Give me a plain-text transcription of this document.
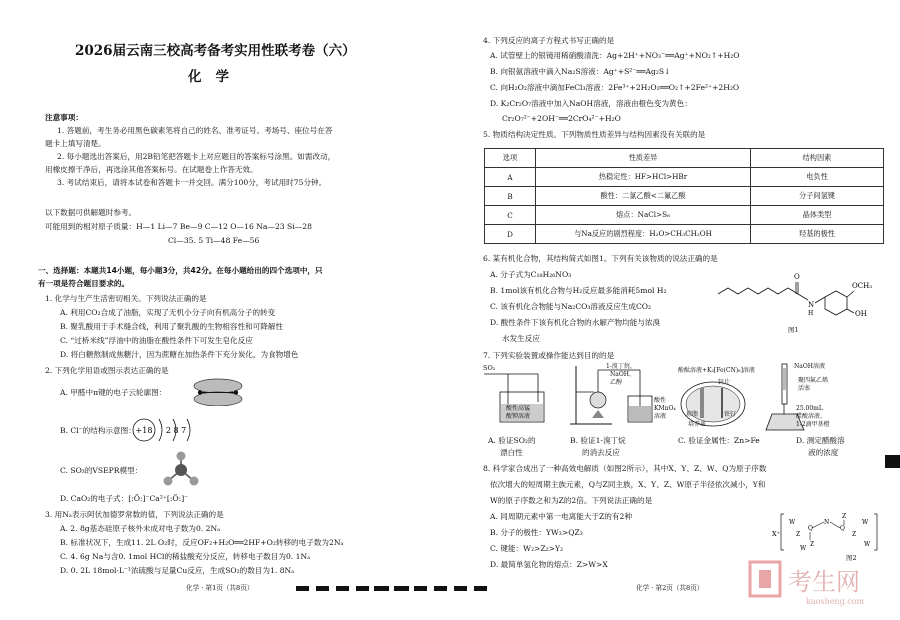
2026届云南三校高考备考实用性联考卷（六）
化学
注意事项：
1. 答题前，考生务必用黑色碳素笔将自己的姓名、准考证号、考场号、座位号在答
题卡上填写清楚。
2. 每小题选出答案后，用2B铅笔把答题卡上对应题目的答案标号涂黑。如需改动，
用橡皮擦干净后，再选涂其他答案标号。在试题卷上作答无效。
3. 考试结束后，请将本试卷和答题卡一并交回。满分100分，考试用时75分钟。
以下数据可供解题时参考。
可能用到的相对原子质量：H—1 Li—7 Be—9 C—12 O—16 Na—23 Si—28
Cl—35. 5 Ti—48 Fe—56
一、选择题：本题共14小题，每小题3分，共42分。在每小题给出的四个选项中，只
有一项是符合题目要求的。
1. 化学与生产生活密切相关。下列说法正确的是
A. 利用CO₂合成了油脂，实现了无机小分子向有机高分子的转变
B. 聚乳酸用于手术缝合线，利用了聚乳酸的生物相容性和可降解性
C. “过桥米线”浮油中的油脂在酸性条件下可发生皂化反应
D. 将白糖熬制成焦糖汁，因为蔗糖在加热条件下充分炭化，为食物增色
2. 下列化学用语或图示表达正确的是
A. 甲醛中π键的电子云轮廓图：
B. Cl⁻的结构示意图： +18 2 8 7
C. SO₃的VSEPR模型：
D. CaO₂的电子式：[:Ö:]⁻Ca²⁺[:Ö:]⁻
3. 用Nₐ表示阿伏加德罗常数的值，下列说法正确的是
A. 2. 8g基态硅原子核外未成对电子数为0. 2Nₐ
B. 标准状况下，生成11. 2L O₂时，反应OF₂+H₂O══2HF+O₂转移的电子数为2Nₐ
C. 4. 6g Na与含0. 1mol HCl的稀盐酸充分反应，转移电子数目为0. 1Nₐ
D. 0. 2L 18mol·L⁻¹浓硫酸与足量Cu反应，生成SO₂的数目为1. 8Nₐ
化学 · 第1页（共8页）
4. 下列反应的离子方程式书写正确的是
A. 试管壁上的银镜用稀硝酸清洗：Ag+2H⁺+NO₃⁻══Ag⁺+NO₂↑+H₂O
B. 向银氨溶液中滴入Na₂S溶液：Ag⁺+S²⁻══Ag₂S↓
C. 向H₂O₂溶液中滴加FeCl₃溶液：2Fe³⁺+2H₂O₂══O₂↑+2Fe²⁺+2H₂O
D. K₂Cr₂O₇溶液中加入NaOH溶液，溶液由橙色变为黄色：
Cr₂O₇²⁻+2OH⁻══2CrO₄²⁻+H₂O
5. 物质结构决定性质。下列物质性质差异与结构因素没有关联的是
选项	性质差异	结构因素
A	热稳定性：HF>HCl>HBr	电负性
B	酸性：二氯乙酸<二氟乙酸	分子间氢键
C	熔点：NaCl>S₈	晶体类型
D	与Na反应的剧烈程度：H₂O>CH₃CH₂OH	羟基的极性
6. 某有机化合物，其结构简式如图1。下列有关该物质的说法正确的是
A. 分子式为C₁₈H₂₆NO₃
B. 1mol该有机化合物与H₂反应最多能消耗5mol H₂
C. 该有机化合物能与Na₂CO₃溶液反应生成CO₂
D. 酸性条件下该有机化合物的水解产物均能与浓溴
水发生反应
O
N
H
OCH₃
OH
图1
7. 下列实验装置或操作能达到目的的是
SO₂
酸性高锰
酸钾溶液
1-溴丁烷、
NaOH、
乙醇
酸性
KMnO₄
溶液
酚酞溶液+K₃[Fe(CN)₆]溶液
锌片
琼脂	铁钉
培养皿
NaOH溶液
聚四氟乙烯
活塞
25.00mL
醋酸溶液、
1-2滴甲基橙
A. 验证SO₂的
漂白性
B. 验证1-溴丁烷
的消去反应
C. 验证金属性：Zn>Fe	D. 测定醋酸溶
液的浓度
8. 科学家合成出了一种高效电解质（如图2所示），其中X、Y、Z、W、Q为原子序数
依次增大的短周期主族元素，Q与Z同主族，X、Y、Z、W原子半径依次减小，Y和
W的原子序数之和为Z的2倍。下列说法正确的是
A. 同周期元素中第一电离能大于Z的有2种
B. 分子的极性：YW₃>QZ₃
C. 键能：W₂>Z₂>Y₂
D. 最简单氢化物的熔点：Z>W>X
X⁺
W
Z
Q
N
Q
Z
W
Z
Z
W
W
图2
化学 · 第2页（共8页）	考生网
kaosheng.com
